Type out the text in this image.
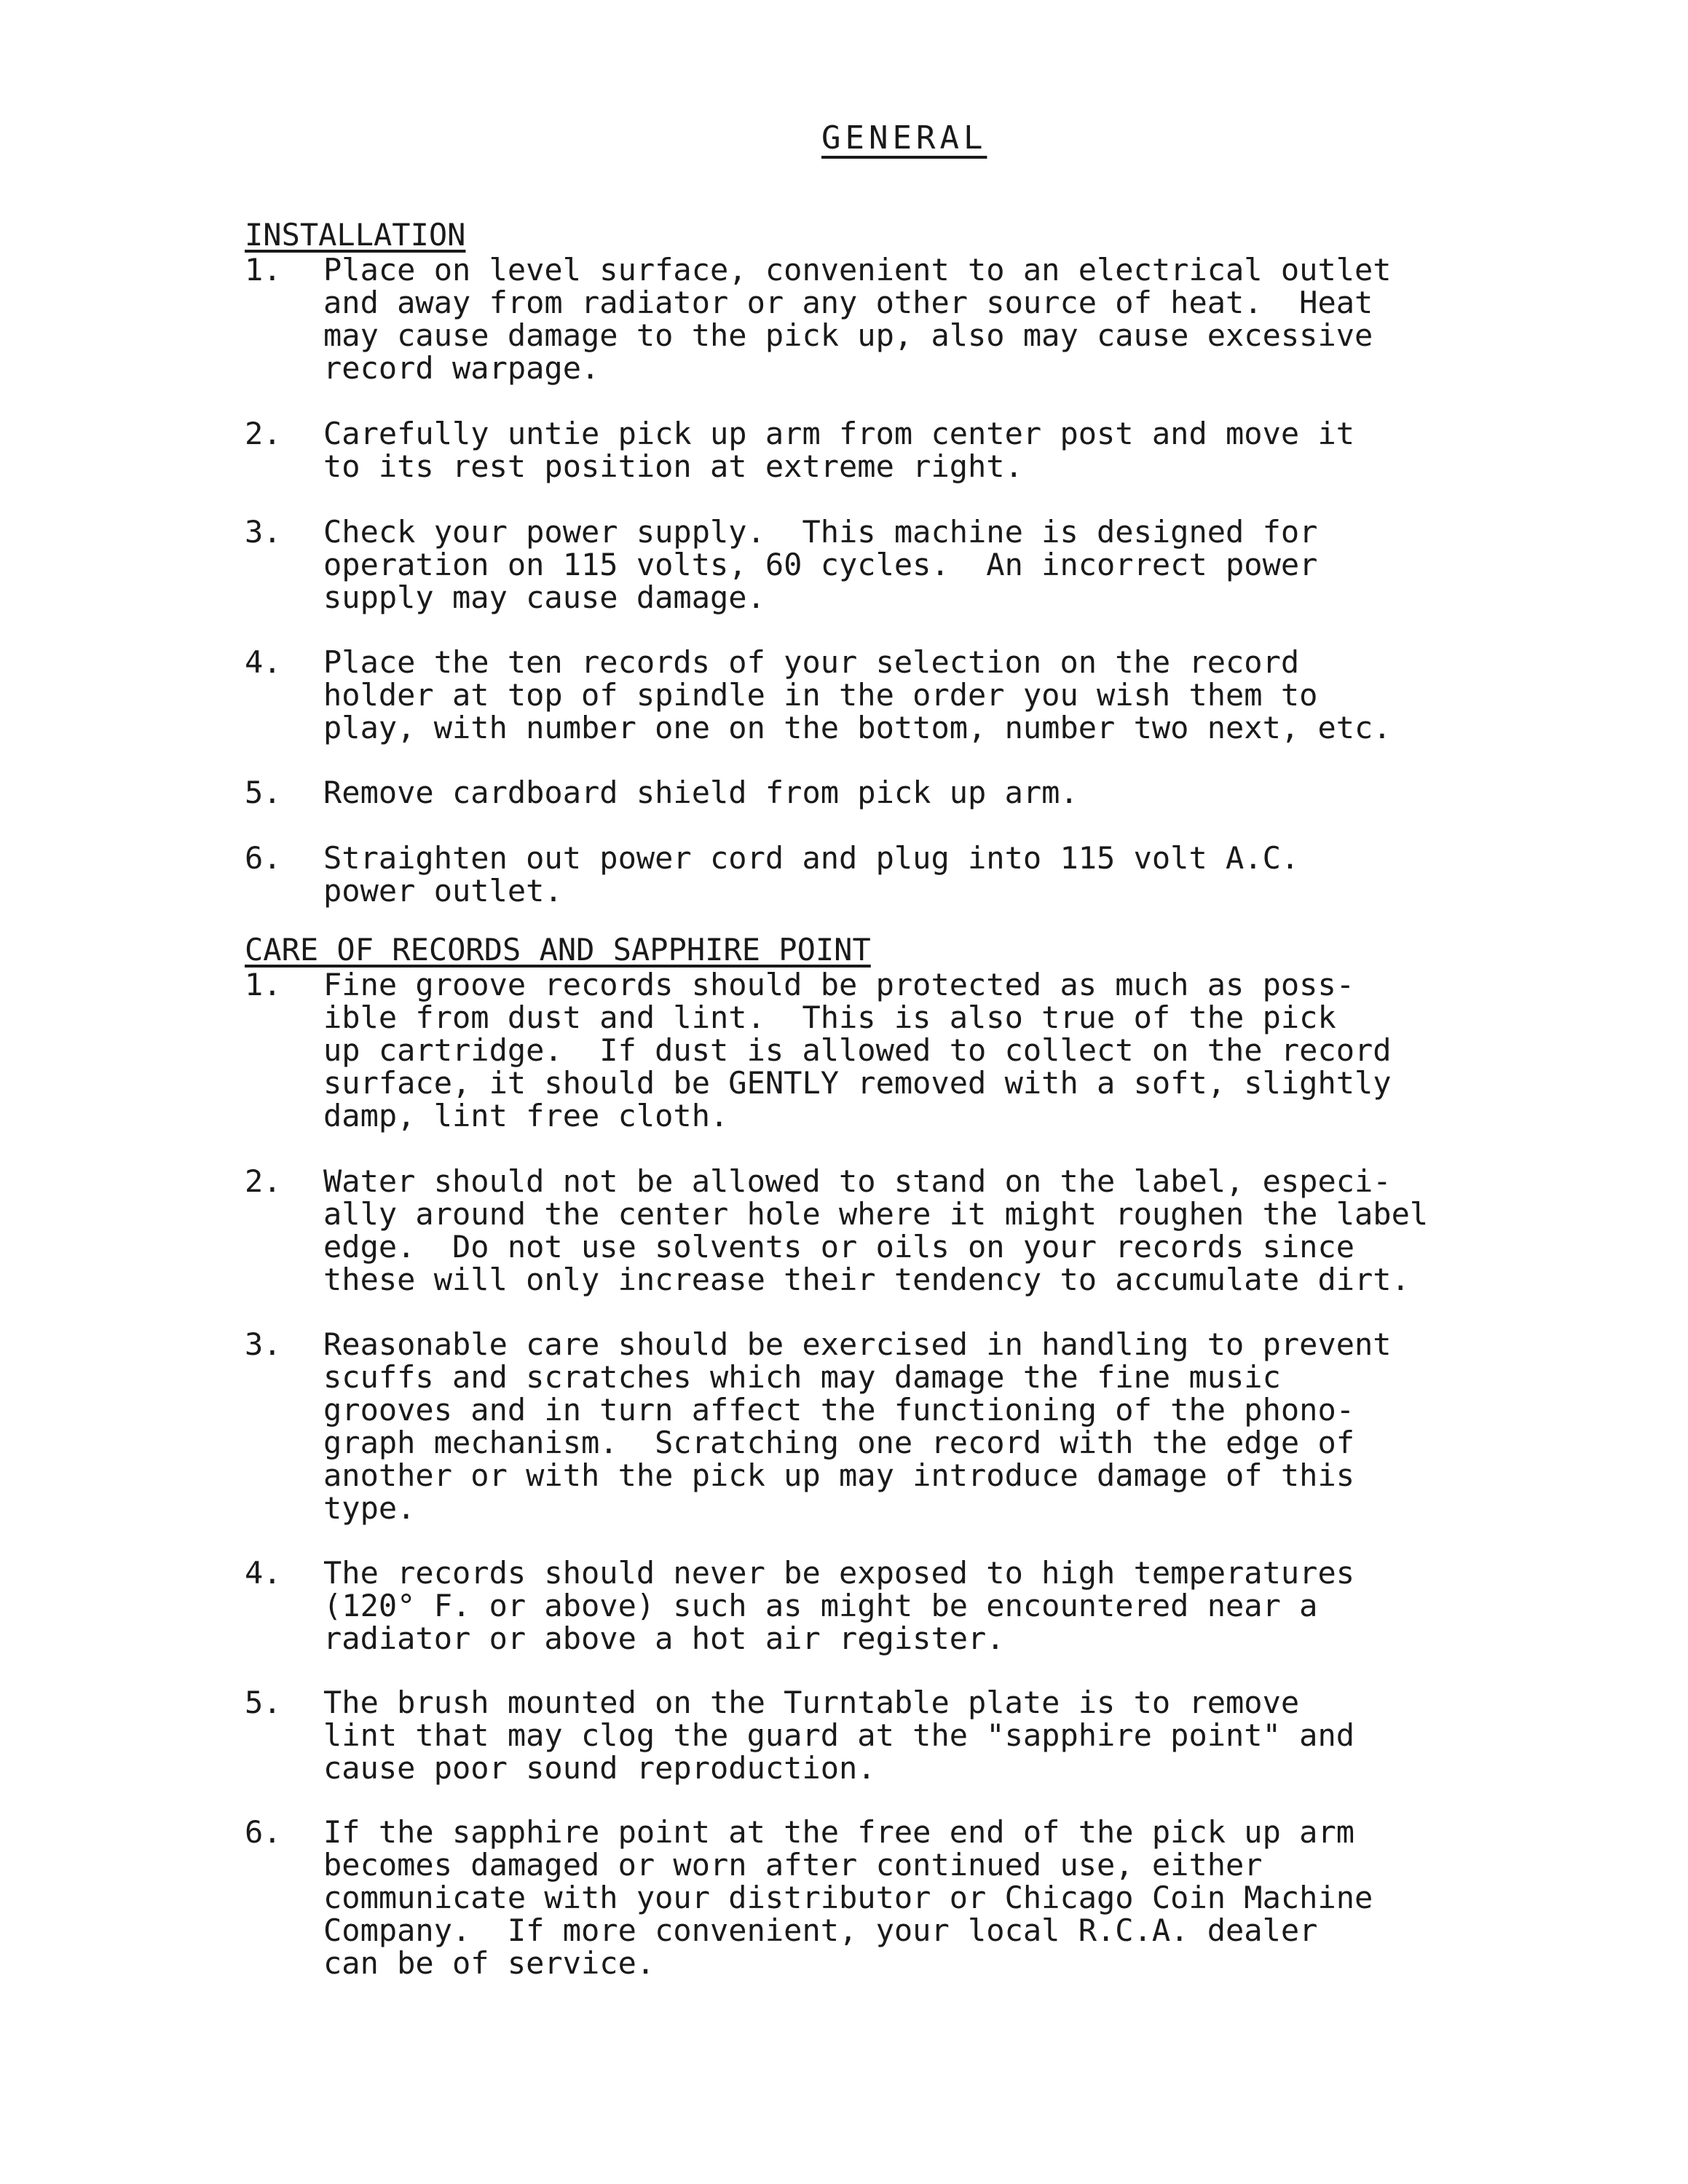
GENERAL
INSTALLATION
1.	Place on level surface, convenient to an electrical outlet
and away from radiator or any other source of heat.  Heat
may cause damage to the pick up, also may cause excessive
record warpage.
2.	Carefully untie pick up arm from center post and move it
to its rest position at extreme right.
3.	Check your power supply.  This machine is designed for
operation on 115 volts, 60 cycles.  An incorrect power
supply may cause damage.
4.	Place the ten records of your selection on the record
holder at top of spindle in the order you wish them to
play, with number one on the bottom, number two next, etc.
5.	Remove cardboard shield from pick up arm.
6.	Straighten out power cord and plug into 115 volt A.C.
power outlet.
CARE OF RECORDS AND SAPPHIRE POINT
1.	Fine groove records should be protected as much as poss-
ible from dust and lint.  This is also true of the pick
up cartridge.  If dust is allowed to collect on the record
surface, it should be GENTLY removed with a soft, slightly
damp, lint free cloth.
2.	Water should not be allowed to stand on the label, especi-
ally around the center hole where it might roughen the label
edge.  Do not use solvents or oils on your records since
these will only increase their tendency to accumulate dirt.
3.	Reasonable care should be exercised in handling to prevent
scuffs and scratches which may damage the fine music
grooves and in turn affect the functioning of the phono-
graph mechanism.  Scratching one record with the edge of
another or with the pick up may introduce damage of this
type.
4.	The records should never be exposed to high temperatures
(120° F. or above) such as might be encountered near a
radiator or above a hot air register.
5.	The brush mounted on the Turntable plate is to remove
lint that may clog the guard at the "sapphire point" and
cause poor sound reproduction.
6.	If the sapphire point at the free end of the pick up arm
becomes damaged or worn after continued use, either
communicate with your distributor or Chicago Coin Machine
Company.  If more convenient, your local R.C.A. dealer
can be of service.
